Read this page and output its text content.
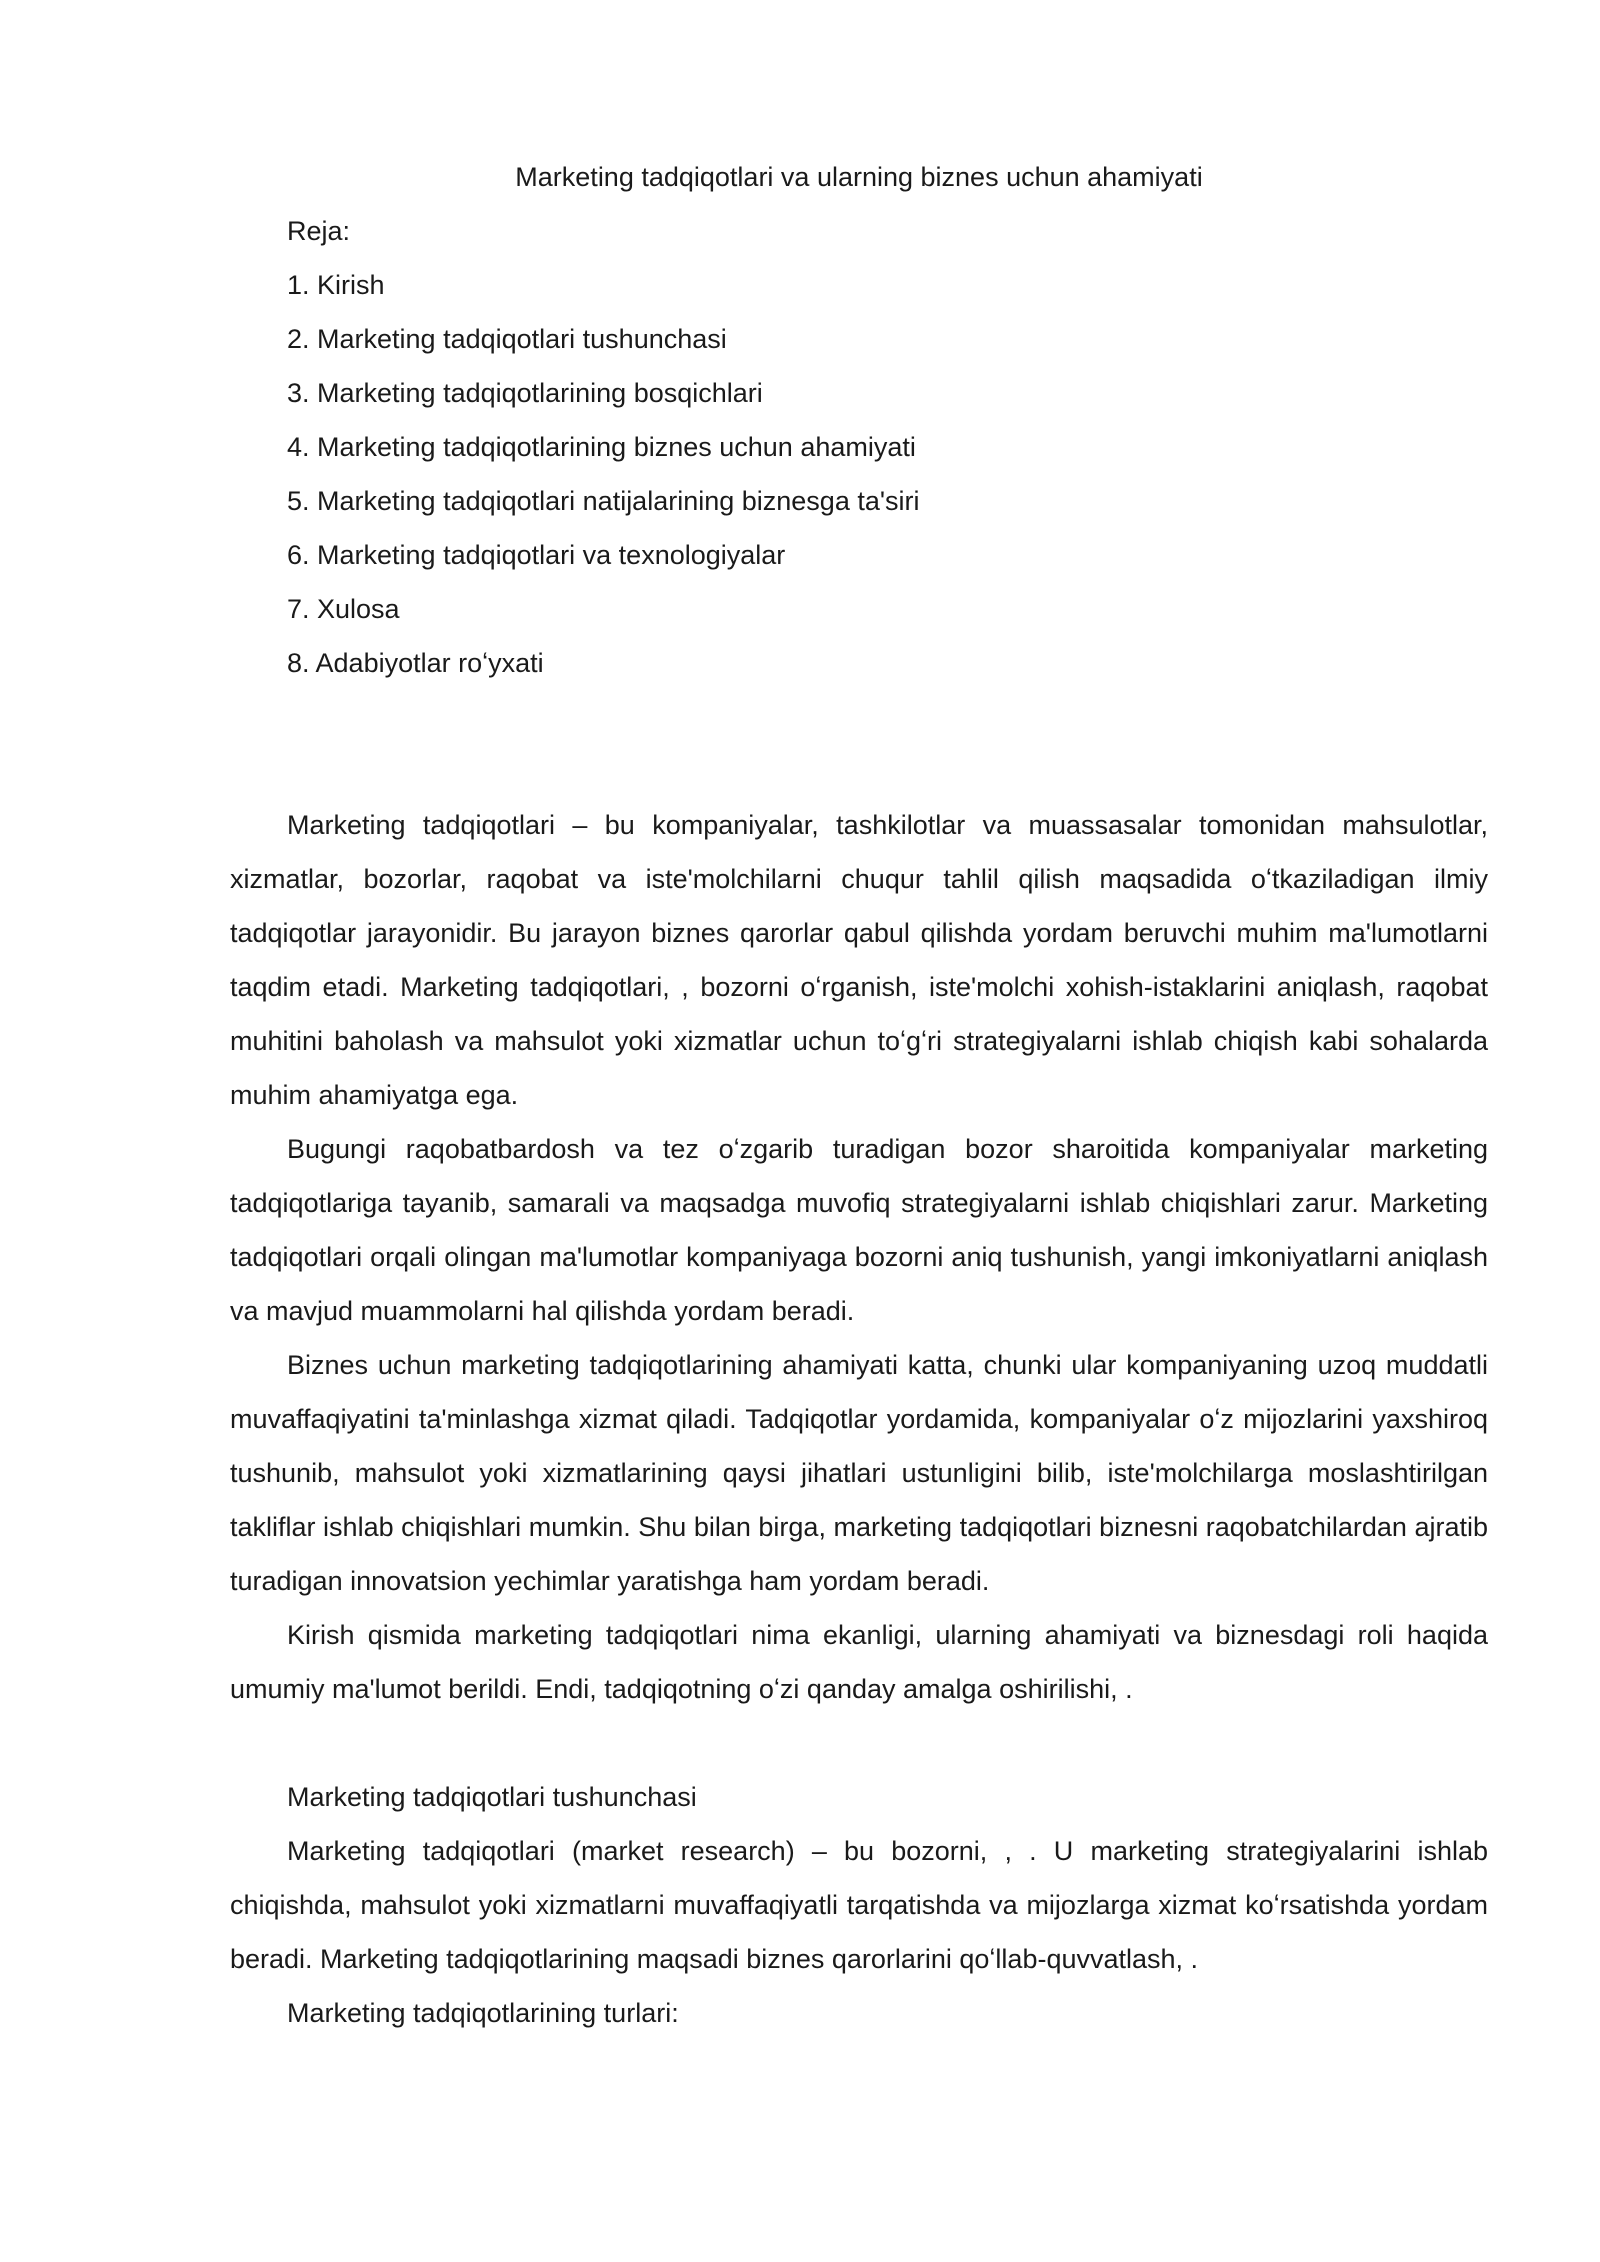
Marketing tadqiqotlari va ularning biznes uchun ahamiyati

Reja:

1. Kirish

2. Marketing tadqiqotlari tushunchasi

3. Marketing tadqiqotlarining bosqichlari

4. Marketing tadqiqotlarining biznes uchun ahamiyati

5. Marketing tadqiqotlari natijalarining biznesga ta'siri

6. Marketing tadqiqotlari va texnologiyalar

7. Xulosa

8. Adabiyotlar roʻyxati

Marketing tadqiqotlari – bu kompaniyalar, tashkilotlar va muassasalar tomonidan mahsulotlar, xizmatlar, bozorlar, raqobat va iste'molchilarni chuqur tahlil qilish maqsadida oʻtkaziladigan ilmiy tadqiqotlar jarayonidir. Bu jarayon biznes qarorlar qabul qilishda yordam beruvchi muhim ma'lumotlarni taqdim etadi. Marketing tadqiqotlari, , bozorni oʻrganish, iste'molchi xohish-istaklarini aniqlash, raqobat muhitini baholash va mahsulot yoki xizmatlar uchun toʻgʻri strategiyalarni ishlab chiqish kabi sohalarda muhim ahamiyatga ega.

Bugungi raqobatbardosh va tez oʻzgarib turadigan bozor sharoitida kompaniyalar marketing tadqiqotlariga tayanib, samarali va maqsadga muvofiq strategiyalarni ishlab chiqishlari zarur. Marketing tadqiqotlari orqali olingan ma'lumotlar kompaniyaga bozorni aniq tushunish, yangi imkoniyatlarni aniqlash va mavjud muammolarni hal qilishda yordam beradi.

Biznes uchun marketing tadqiqotlarining ahamiyati katta, chunki ular kompaniyaning uzoq muddatli muvaffaqiyatini ta'minlashga xizmat qiladi. Tadqiqotlar yordamida, kompaniyalar oʻz mijozlarini yaxshiroq tushunib, mahsulot yoki xizmatlarining qaysi jihatlari ustunligini bilib, iste'molchilarga moslashtirilgan takliflar ishlab chiqishlari mumkin. Shu bilan birga, marketing tadqiqotlari biznesni raqobatchilardan ajratib turadigan innovatsion yechimlar yaratishga ham yordam beradi.

Kirish qismida marketing tadqiqotlari nima ekanligi, ularning ahamiyati va biznesdagi roli haqida umumiy ma'lumot berildi. Endi, tadqiqotning oʻzi qanday amalga oshirilishi, .

Marketing tadqiqotlari tushunchasi

Marketing tadqiqotlari (market research) – bu bozorni, , . U marketing strategiyalarini ishlab chiqishda, mahsulot yoki xizmatlarni muvaffaqiyatli tarqatishda va mijozlarga xizmat koʻrsatishda yordam beradi. Marketing tadqiqotlarining maqsadi biznes qarorlarini qoʻllab-quvvatlash, .

Marketing tadqiqotlarining turlari:
